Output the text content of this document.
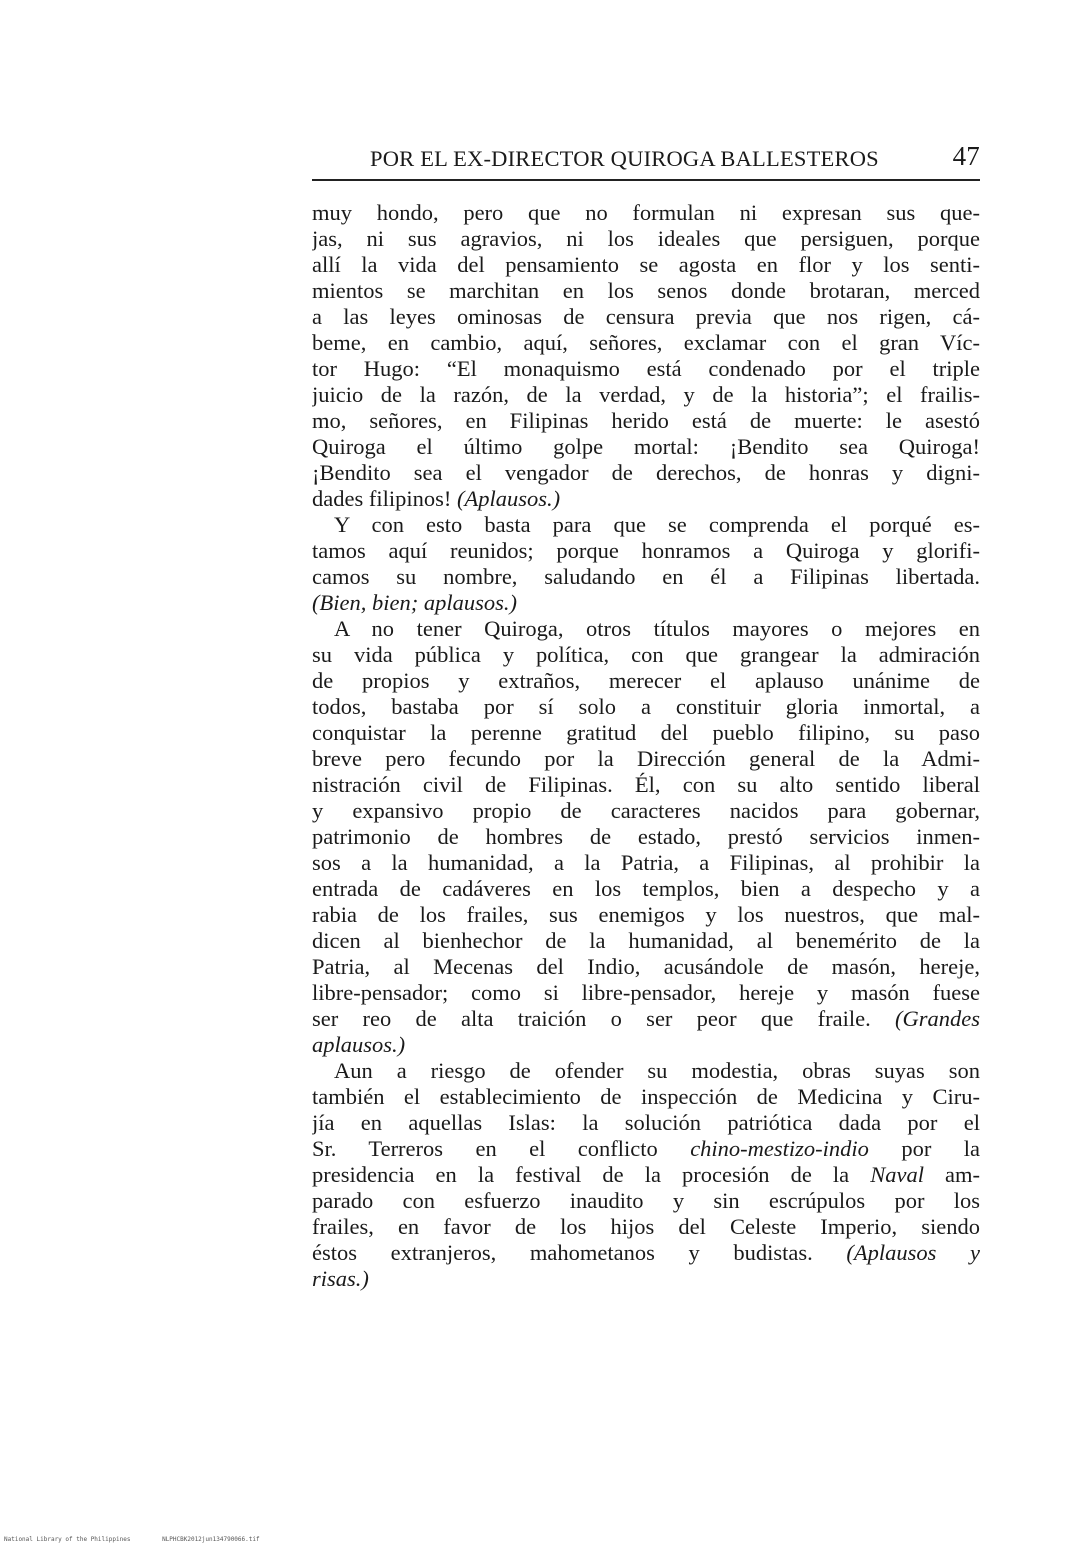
POR EL EX-DIRECTOR QUIROGA BALLESTEROS	47
muy hondo, pero que no formulan ni expresan sus que-
jas, ni sus agravios, ni los ideales que persiguen, porque
allí la vida del pensamiento se agosta en flor y los senti-
mientos se marchitan en los senos donde brotaran, merced
a las leyes ominosas de censura previa que nos rigen, cá-
beme, en cambio, aquí, señores, exclamar con el gran Víc-
tor Hugo: “El monaquismo está condenado por el triple
juicio de la razón, de la verdad, y de la historia”; el frailis-
mo, señores, en Filipinas herido está de muerte: le asestó
Quiroga el último golpe mortal: ¡Bendito sea Quiroga!
¡Bendito sea el vengador de derechos, de honras y digni-
dades filipinos! (Aplausos.)
Y con esto basta para que se comprenda el porqué es-
tamos aquí reunidos; porque honramos a Quiroga y glorifi-
camos su nombre, saludando en él a Filipinas libertada.
(Bien, bien; aplausos.)
A no tener Quiroga, otros títulos mayores o mejores en
su vida pública y política, con que grangear la admiración
de propios y extraños, merecer el aplauso unánime de
todos, bastaba por sí solo a constituir gloria inmortal, a
conquistar la perenne gratitud del pueblo filipino, su paso
breve pero fecundo por la Dirección general de la Admi-
nistración civil de Filipinas. Él, con su alto sentido liberal
y expansivo propio de caracteres nacidos para gobernar,
patrimonio de hombres de estado, prestó servicios inmen-
sos a la humanidad, a la Patria, a Filipinas, al prohibir la
entrada de cadáveres en los templos, bien a despecho y a
rabia de los frailes, sus enemigos y los nuestros, que mal-
dicen al bienhechor de la humanidad, al benemérito de la
Patria, al Mecenas del Indio, acusándole de masón, hereje,
libre-pensador; como si libre-pensador, hereje y masón fuese
ser reo de alta traición o ser peor que fraile. (Grandes
aplausos.)
Aun a riesgo de ofender su modestia, obras suyas son
también el establecimiento de inspección de Medicina y Ciru-
jía en aquellas Islas: la solución patriótica dada por el
Sr. Terreros en el conflicto chino-mestizo-indio por la
presidencia en la festival de la procesión de la Naval am-
parado con esfuerzo inaudito y sin escrúpulos por los
frailes, en favor de los hijos del Celeste Imperio, siendo
éstos extranjeros, mahometanos y budistas. (Aplausos y
risas.)
National Library of the Philippines	NLPHCBK2012jun134790066.tif
